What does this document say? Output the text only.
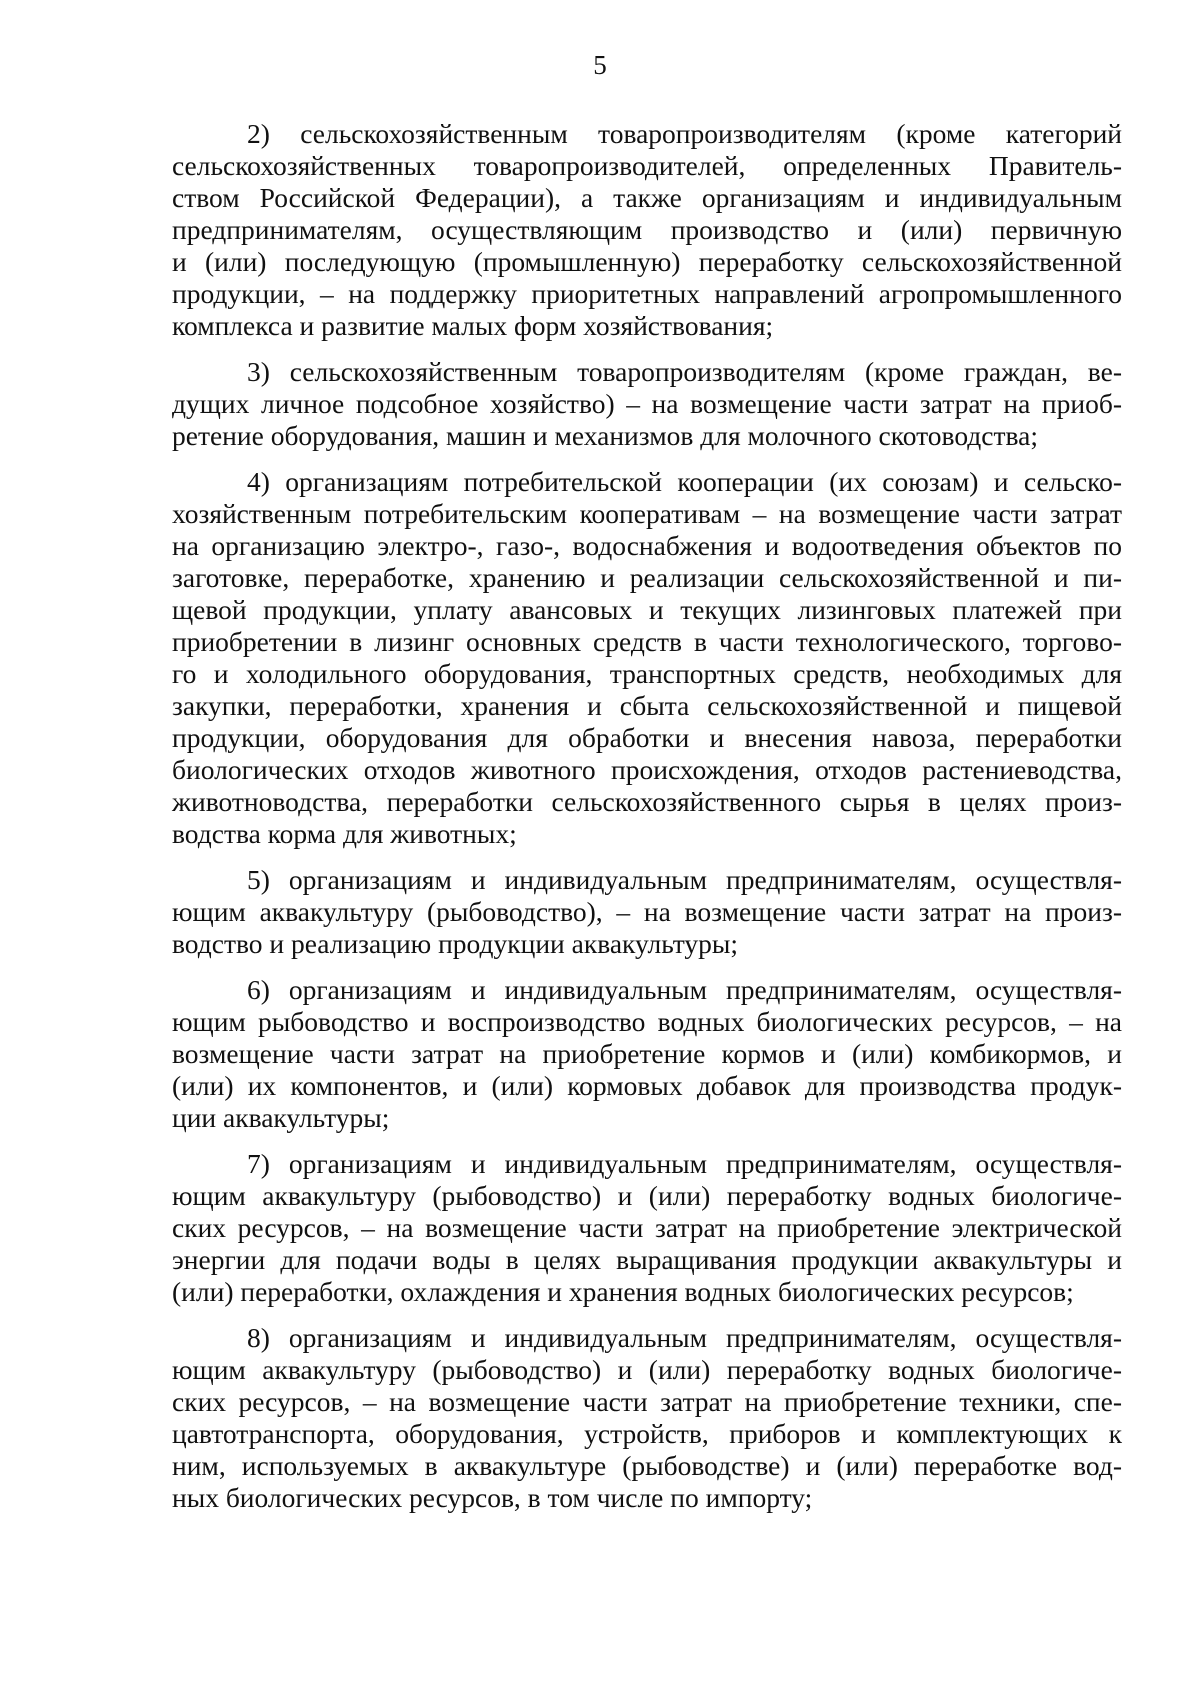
5
2) сельскохозяйственным товаропроизводителям (кроме категорий
сельскохозяйственных товаропроизводителей, определенных Правитель-
ством Российской Федерации), а также организациям и индивидуальным
предпринимателям, осуществляющим производство и (или) первичную
и (или) последующую (промышленную) переработку сельскохозяйственной
продукции, – на поддержку приоритетных направлений агропромышленного
комплекса и развитие малых форм хозяйствования;
3) сельскохозяйственным товаропроизводителям (кроме граждан, ве-
дущих личное подсобное хозяйство) – на возмещение части затрат на приоб-
ретение оборудования, машин и механизмов для молочного скотоводства;
4) организациям потребительской кооперации (их союзам) и сельско-
хозяйственным потребительским кооперативам – на возмещение части затрат
на организацию электро-, газо-, водоснабжения и водоотведения объектов по
заготовке, переработке, хранению и реализации сельскохозяйственной и пи-
щевой продукции, уплату авансовых и текущих лизинговых платежей при
приобретении в лизинг основных средств в части технологического, торгово-
го и холодильного оборудования, транспортных средств, необходимых для
закупки, переработки, хранения и сбыта сельскохозяйственной и пищевой
продукции, оборудования для обработки и внесения навоза, переработки
биологических отходов животного происхождения, отходов растениеводства,
животноводства, переработки сельскохозяйственного сырья в целях произ-
водства корма для животных;
5) организациям и индивидуальным предпринимателям, осуществля-
ющим аквакультуру (рыбоводство), – на возмещение части затрат на произ-
водство и реализацию продукции аквакультуры;
6) организациям и индивидуальным предпринимателям, осуществля-
ющим рыбоводство и воспроизводство водных биологических ресурсов, – на
возмещение части затрат на приобретение кормов и (или) комбикормов, и
(или) их компонентов, и (или) кормовых добавок для производства продук-
ции аквакультуры;
7) организациям и индивидуальным предпринимателям, осуществля-
ющим аквакультуру (рыбоводство) и (или) переработку водных биологиче-
ских ресурсов, – на возмещение части затрат на приобретение электрической
энергии для подачи воды в целях выращивания продукции аквакультуры и
(или) переработки, охлаждения и хранения водных биологических ресурсов;
8) организациям и индивидуальным предпринимателям, осуществля-
ющим аквакультуру (рыбоводство) и (или) переработку водных биологиче-
ских ресурсов, – на возмещение части затрат на приобретение техники, спе-
цавтотранспорта, оборудования, устройств, приборов и комплектующих к
ним, используемых в аквакультуре (рыбоводстве) и (или) переработке вод-
ных биологических ресурсов, в том числе по импорту;
